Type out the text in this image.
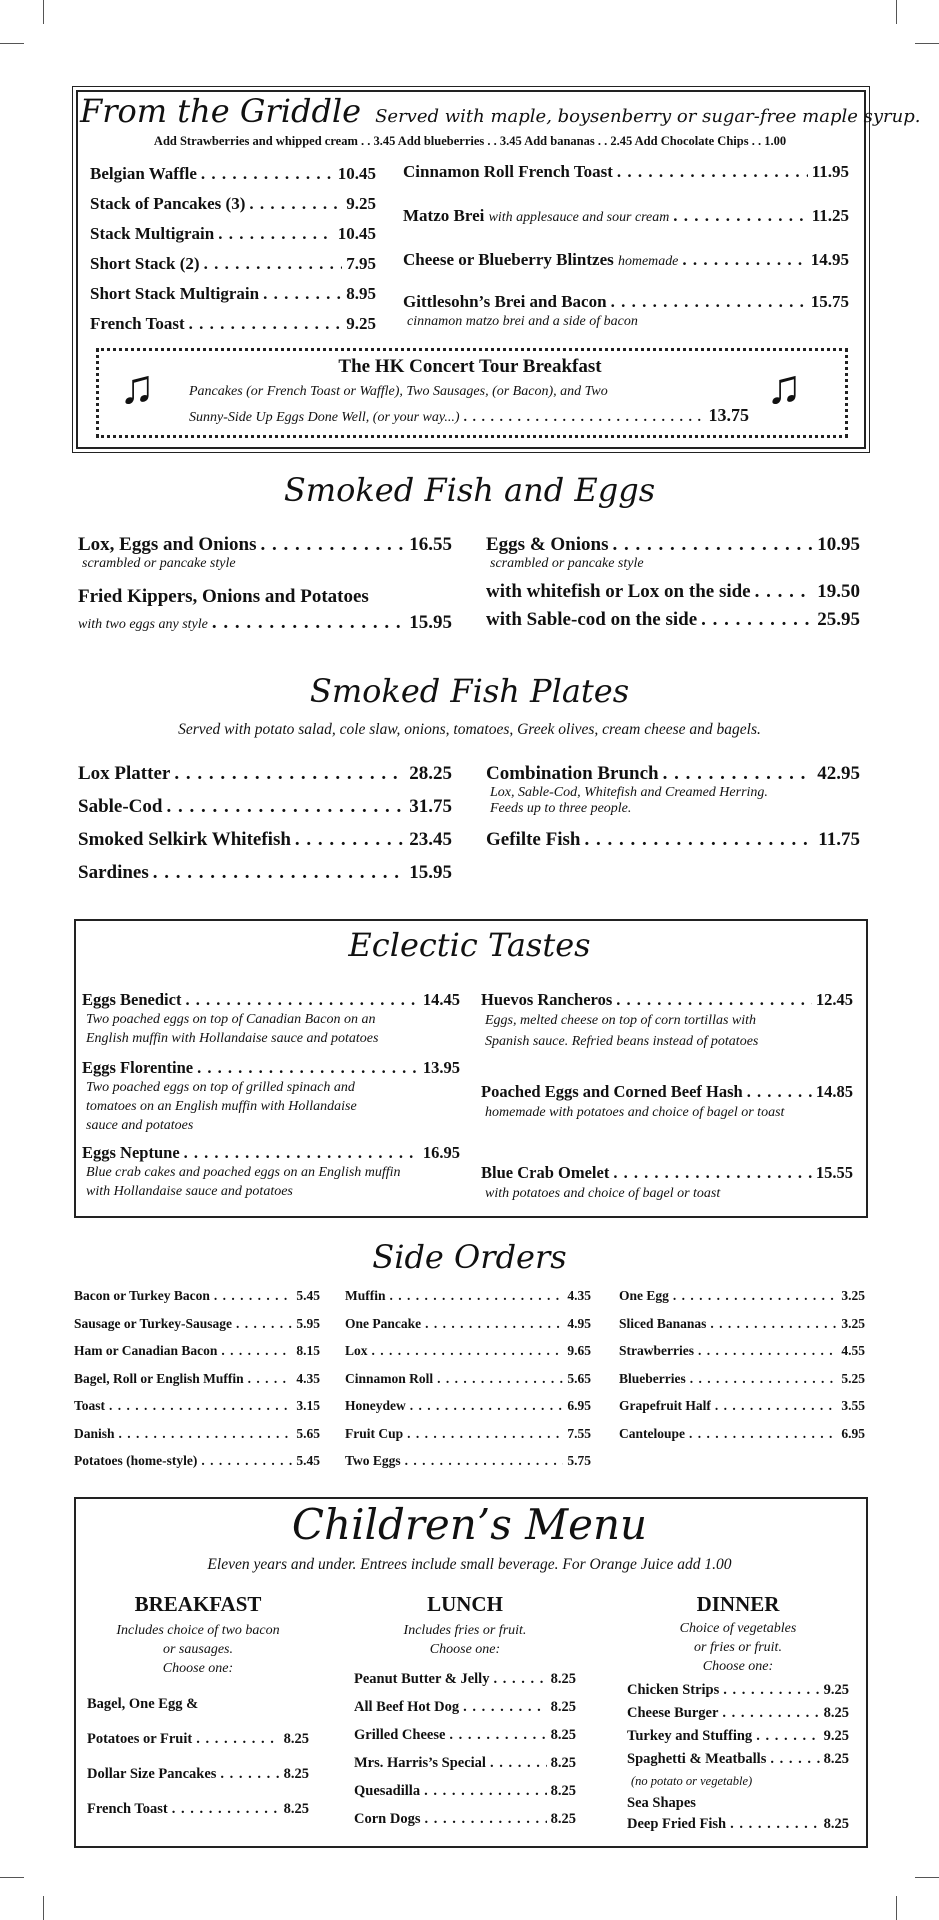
From the Griddle Served with maple, boysenberry or sugar-free maple syrup.
Add Strawberries and whipped cream . . 3.45 Add blueberries . . 3.45 Add bananas . . 2.45 Add Chocolate Chips . . 1.00
Belgian Waffle . . .	10.45
Stack of Pancakes (3) . . .	9.25
Stack Multigrain . . .	10.45
Short Stack (2) . . .	7.95
Short Stack Multigrain . . .	8.95
French Toast . . .	9.25
Cinnamon Roll French Toast . . .	11.95
Matzo Brei
with applesauce and sour cream . . .	11.25
Cheese or Blueberry Blintzes
homemade . . .	14.95
Gittlesohn’s Brei and Bacon . . .	15.75
cinnamon matzo brei and a side of bacon
♫	♫
The HK Concert Tour Breakfast
Pancakes (or French Toast or Waffle), Two Sausages, (or Bacon), and Two
Sunny-Side Up Eggs Done Well, (or your way...) . . .	13.75
Smoked Fish and Eggs
Lox, Eggs and Onions . . .	16.55
scrambled or pancake style
Fried Kippers, Onions and Potatoes
with two eggs any style . . .	15.95
Eggs & Onions . . .	10.95
scrambled or pancake style
with whitefish or Lox on the side . . .	19.50
with Sable-cod on the side . . .	25.95
Smoked Fish Plates
Served with potato salad, cole slaw, onions, tomatoes, Greek olives, cream cheese and bagels.
Lox Platter . . .	28.25
Sable-Cod . . .	31.75
Smoked Selkirk Whitefish . . .	23.45
Sardines . . .	15.95
Combination Brunch . . .	42.95
Lox, Sable-Cod, Whitefish and Creamed Herring.
Feeds up to three people.
Gefilte Fish . . .	11.75
Eclectic Tastes
Eggs Benedict . . .	14.45
Two poached eggs on top of Canadian Bacon on an
English muffin with Hollandaise sauce and potatoes
Eggs Florentine . . .	13.95
Two poached eggs on top of grilled spinach and
tomatoes on an English muffin with Hollandaise
sauce and potatoes
Eggs Neptune . . .	16.95
Blue crab cakes and poached eggs on an English muffin
with Hollandaise sauce and potatoes
Huevos Rancheros . . .	12.45
Eggs, melted cheese on top of corn tortillas with
Spanish sauce. Refried beans instead of potatoes
Poached Eggs and Corned Beef Hash . . .	14.85
homemade with potatoes and choice of bagel or toast
Blue Crab Omelet . . .	15.55
with potatoes and choice of bagel or toast
Side Orders
Bacon or Turkey Bacon . . .	5.45
Sausage or Turkey-Sausage . . .	5.95
Ham or Canadian Bacon . . .	8.15
Bagel, Roll or English Muffin . . .	4.35
Toast . . .	3.15
Danish . . .	5.65
Potatoes (home-style) . . .	5.45
Muffin . . .	4.35
One Pancake . . .	4.95
Lox . . .	9.65
Cinnamon Roll . . .	5.65
Honeydew . . .	6.95
Fruit Cup . . .	7.55
Two Eggs . . .	5.75
One Egg . . .	3.25
Sliced Bananas . . .	3.25
Strawberries . . .	4.55
Blueberries . . .	5.25
Grapefruit Half . . .	3.55
Canteloupe . . .	6.95
Children’s Menu
Eleven years and under. Entrees include small beverage. For Orange Juice add 1.00
BREAKFAST
Includes choice of two bacon
or sausages.
Choose one:
Bagel, One Egg &
Potatoes or Fruit . . .	8.25
Dollar Size Pancakes . . .	8.25
French Toast . . .	8.25
LUNCH
Includes fries or fruit.
Choose one:
Peanut Butter & Jelly . . .	8.25
All Beef Hot Dog . . .	8.25
Grilled Cheese . . .	8.25
Mrs. Harris’s Special . . .	8.25
Quesadilla . . .	8.25
Corn Dogs . . .	8.25
DINNER
Choice of vegetables
or fries or fruit.
Choose one:
Chicken Strips . . .	9.25
Cheese Burger . . .	8.25
Turkey and Stuffing . . .	9.25
Spaghetti & Meatballs . . .	8.25
(no potato or vegetable)
Sea Shapes
Deep Fried Fish . . .	8.25
